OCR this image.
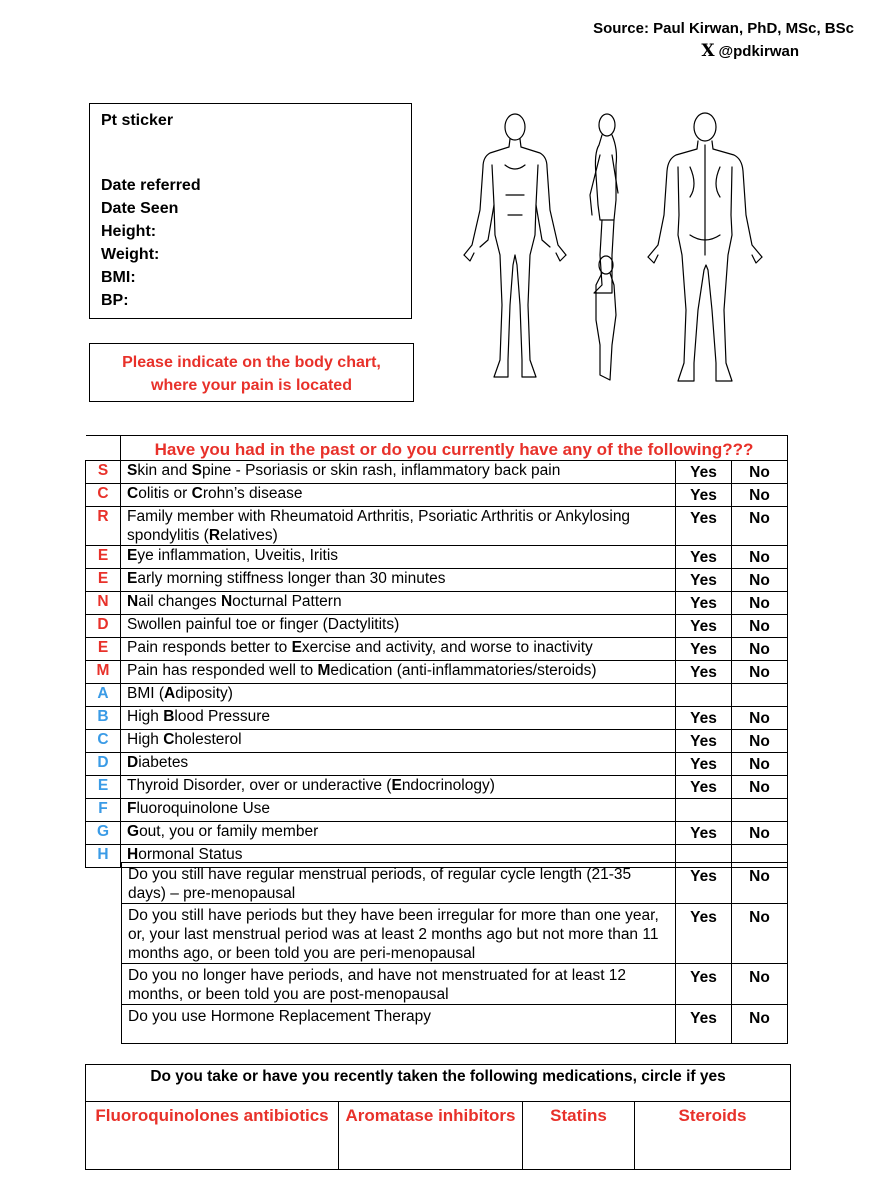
Source: Paul Kirwan, PhD, MSc, BSc
X @pdkirwan
Pt sticker
Date referred
Date Seen
Height:
Weight:
BMI:
BP:
Please indicate on the body chart,
where your pain is located
	Have you had in the past or do you currently have any of the following???		
S	Skin and Spine - Psoriasis or skin rash, inflammatory back pain	Yes	No
C	Colitis or Crohn’s disease	Yes	No
R	Family member with Rheumatoid Arthritis, Psoriatic Arthritis or Ankylosing spondylitis (Relatives)	Yes	No
E	Eye inflammation, Uveitis, Iritis	Yes	No
E	Early morning stiffness longer than 30 minutes	Yes	No
N	Nail changes Nocturnal Pattern	Yes	No
D	Swollen painful toe or finger (Dactylitits)	Yes	No
E	Pain responds better to Exercise and activity, and worse to inactivity	Yes	No
M	Pain has responded well to Medication (anti-inflammatories/steroids)	Yes	No
A	BMI (Adiposity)		
B	High Blood Pressure	Yes	No
C	High Cholesterol	Yes	No
D	Diabetes	Yes	No
E	Thyroid Disorder, over or underactive (Endocrinology)	Yes	No
F	Fluoroquinolone Use		
G	Gout, you or family member	Yes	No
H	Hormonal Status		
Do you still have regular menstrual periods, of regular cycle length (21-35 days) – pre-menopausal	Yes	No
Do you still have periods but they have been irregular for more than one year, or, your last menstrual period was at least 2 months ago but not more than 11 months ago, or been told you are peri-menopausal	Yes	No
Do you no longer have periods, and have not menstruated for at least 12 months, or been told you are post-menopausal	Yes	No
Do you use Hormone Replacement Therapy	Yes	No
Do you take or have you recently taken the following medications, circle if yes
Fluoroquinolones antibiotics	Aromatase inhibitors	Statins	Steroids
